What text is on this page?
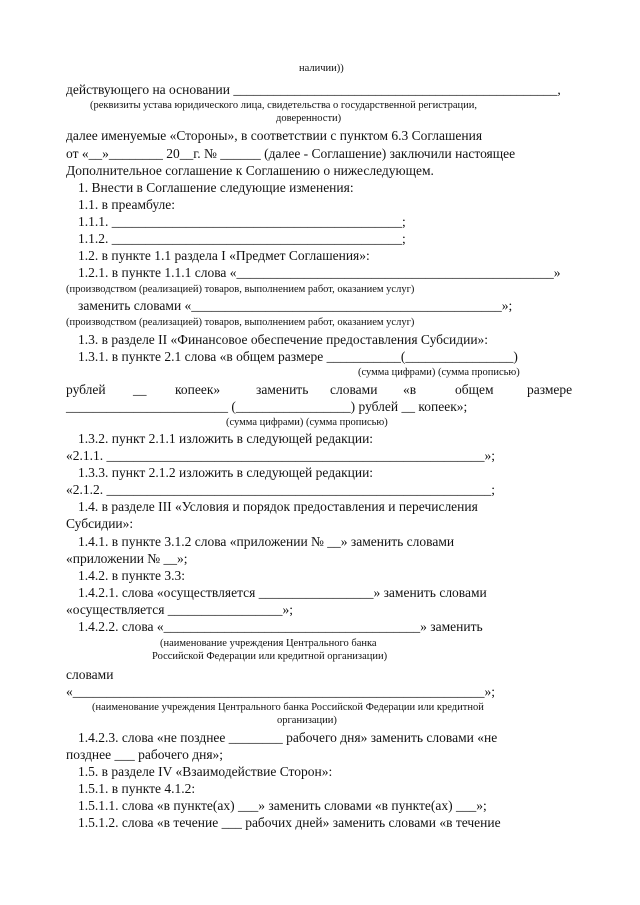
наличии))
действующего на основании ________________________________________________,
(реквизиты устава юридического лица, свидетельства о государственной регистрации,
доверенности)
далее именуемые «Стороны», в соответствии с пунктом 6.3 Соглашения
от «__»________ 20__г. № ______ (далее - Соглашение) заключили настоящее
Дополнительное соглашение к Соглашению о нижеследующем.
1. Внести в Соглашение следующие изменения:
1.1. в преамбуле:
1.1.1. ___________________________________________;
1.1.2. ___________________________________________;
1.2. в пункте 1.1 раздела I «Предмет Соглашения»:
1.2.1. в пункте 1.1.1 слова «_______________________________________________»
(производством (реализацией) товаров, выполнением работ, оказанием услуг)
заменить словами «______________________________________________»;
(производством (реализацией) товаров, выполнением работ, оказанием услуг)
1.3. в разделе II «Финансовое обеспечение предоставления Субсидии»:
1.3.1. в пункте 2.1 слова «в общем размере ___________(________________)
(сумма цифрами) (сумма прописью)
рублей __ копеек»	заменить словами «в	общем размере
________________________ (_________________) рублей __ копеек»;
(сумма цифрами) (сумма прописью)
1.3.2. пункт 2.1.1 изложить в следующей редакции:
«2.1.1. ________________________________________________________»;
1.3.3. пункт 2.1.2 изложить в следующей редакции:
«2.1.2. _________________________________________________________;
1.4. в разделе III «Условия и порядок предоставления и перечисления
Субсидии»:
1.4.1. в пункте 3.1.2 слова «приложении № __» заменить словами
«приложении № __»;
1.4.2. в пункте 3.3:
1.4.2.1. слова «осуществляется _________________» заменить словами
«осуществляется _________________»;
1.4.2.2. слова «______________________________________» заменить
(наименование учреждения Центрального банка
Российской Федерации или кредитной организации)
словами
«_____________________________________________________________»;
(наименование учреждения Центрального банка Российской Федерации или кредитной
организации)
1.4.2.3. слова «не позднее ________ рабочего дня» заменить словами «не
позднее ___ рабочего дня»;
1.5. в разделе IV «Взаимодействие Сторон»:
1.5.1. в пункте 4.1.2:
1.5.1.1. слова «в пункте(ах) ___» заменить словами «в пункте(ах) ___»;
1.5.1.2. слова «в течение ___ рабочих дней» заменить словами «в течение
